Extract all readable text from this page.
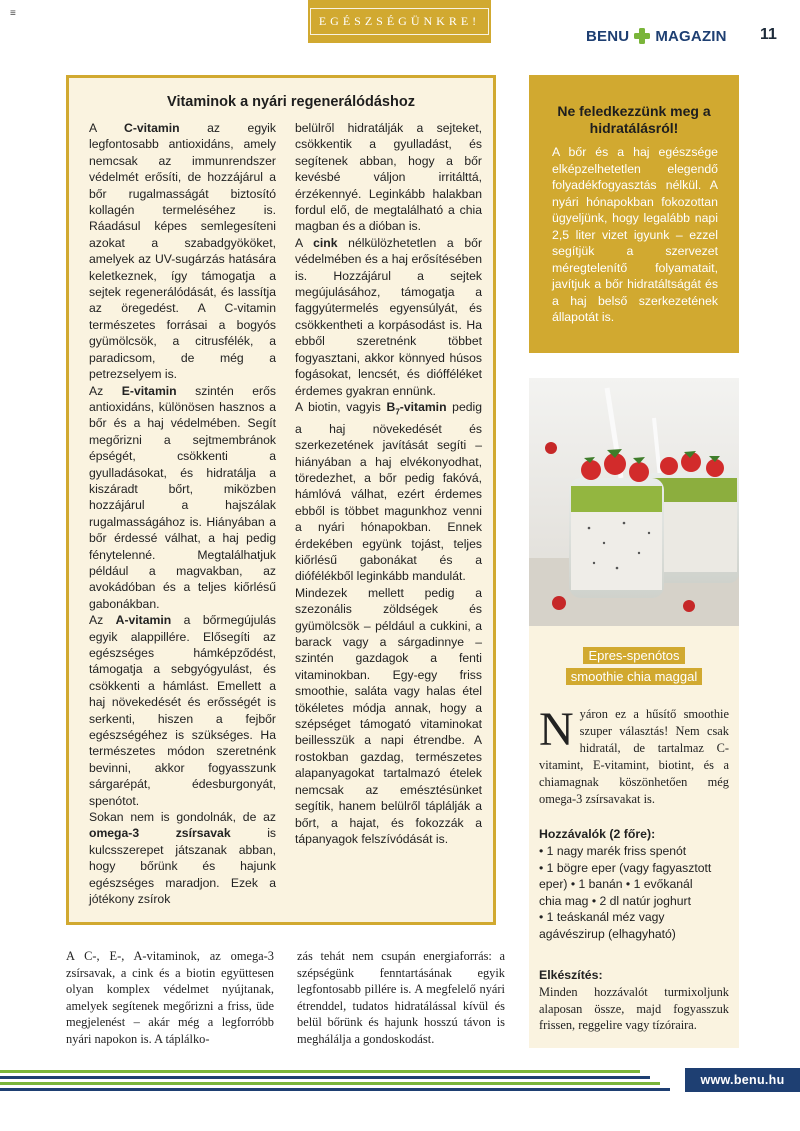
≡
EGÉSZSÉGÜNKRE!
BENU MAGAZIN 11
Vitaminok a nyári regenerálódáshoz

A C-vitamin az egyik legfontosabb antioxidáns, amely nemcsak az immunrendszer védelmét erősíti, de hozzájárul a bőr rugalmasságát biztosító kollagén termeléséhez is. Ráadásul képes semlegesíteni azokat a szabadgyököket, amelyek az UV-sugárzás hatására keletkeznek, így támogatja a sejtek regenerálódását, és lassítja az öregedést. A C-vitamin természetes forrásai a bogyós gyümölcsök, a citrusfélék, a paradicsom, de még a petrezselyem is.

Az E-vitamin szintén erős antioxidáns, különösen hasznos a bőr és a haj védelmében. Segít megőrizni a sejtmembránok épségét, csökkenti a gyulladásokat, és hidratálja a kiszáradt bőrt, miközben hozzájárul a hajszálak rugalmasságához is. Hiányában a bőr érdessé válhat, a haj pedig fénytelenné. Megtalálhatjuk például a magvakban, az avokádóban és a teljes kiőrlésű gabonákban.

Az A-vitamin a bőrmegújulás egyik alappillére. Elősegíti az egészséges hámképződést, támogatja a sebgyógyulást, és csökkenti a hámlást. Emellett a haj növekedését és erősségét is serkenti, hiszen a fejbőr egészségéhez is szükséges. Ha természetes módon szeretnénk bevinni, akkor fogyasszunk sárgarépát, édesburgonyát, spenótot.

Sokan nem is gondolnák, de az omega-3 zsírsavak is kulcsszerepet játszanak abban, hogy bőrünk és hajunk egészséges maradjon. Ezek a jótékony zsírok

belülről hidratálják a sejteket, csökkentik a gyulladást, és segítenek abban, hogy a bőr kevésbé váljon irritálttá, érzékennyé. Leginkább halakban fordul elő, de megtalálható a chia magban és a dióban is.

A cink nélkülözhetetlen a bőr védelmében és a haj erősítésében is. Hozzájárul a sejtek megújulásához, támogatja a faggyútermelés egyensúlyát, és csökkentheti a korpásodást is. Ha ebből szeretnénk többet fogyasztani, akkor könnyed húsos fogásokat, lencsét, és diófféléket érdemes gyakran ennünk.

A biotin, vagyis $B_7$-vitamin pedig a haj növekedését és szerkezetének javítását segíti – hiányában a haj elvékonyodhat, töredezhet, a bőr pedig fakóvá, hámlóvá válhat, ezért érdemes ebből is többet magunkhoz venni a nyári hónapokban. Ennek érdekében együnk tojást, teljes kiőrlésű gabonákat és a diófélékből leginkább mandulát.

Mindezek mellett pedig a szezonális zöldségek és gyümölcsök – például a cukkini, a barack vagy a sárgadinnye – szintén gazdagok a fenti vitaminokban. Egy-egy friss smoothie, saláta vagy halas étel tökéletes módja annak, hogy a szépséget támogató vitaminokat beillesszük a napi étrendbe. A rostokban gazdag, természetes alapanyagokat tartalmazó ételek nemcsak az emésztésünket segítik, hanem belülről táplálják a bőrt, a hajat, és fokozzák a tápanyagok felszívódását is.

A C-, E-, A-vitaminok, az omega-3 zsírsavak, a cink és a biotin együttesen olyan komplex védelmet nyújtanak, amelyek segítenek megőrizni a friss, üde megjelenést – akár még a legforróbb nyári napokon is. A táplálko-
zás tehát nem csupán energiaforrás: a szépségünk fenntartásának egyik legfontosabb pillére is. A megfelelő nyári étrenddel, tudatos hidratálással kívül és belül bőrünk és hajunk hosszú távon is meghálálja a gondoskodást.
Ne feledkezzünk meg a hidratálásról!
A bőr és a haj egészsége elképzelhetetlen elegendő folyadékfogyasztás nélkül. A nyári hónapokban fokozottan ügyeljünk, hogy legalább napi 2,5 liter vizet igyunk – ezzel segítjük a szervezet méregtelenítő folyamatait, javítjuk a bőr hidratáltságát és a haj belső szerkezetének állapotát is.
Epres-spenótos
smoothie chia maggal
Nyáron ez a hűsítő smoothie szuper választás! Nem csak hidratál, de tartalmaz C-vitamint, E-vitamint, biotint, és a chiamagnak köszönhetően még omega-3 zsírsavakat is.
Hozzávalók (2 főre):
• 1 nagy marék friss spenót
• 1 bögre eper (vagy fagyasztott
eper) • 1 banán • 1 evőkanál
chia mag • 2 dl natúr joghurt
• 1 teáskanál méz vagy
agávészirup (elhagyható)
Elkészítés:
Minden hozzávalót turmixoljunk alaposan össze, majd fogyasszuk frissen, reggelire vagy tízóraira.
www.benu.hu
